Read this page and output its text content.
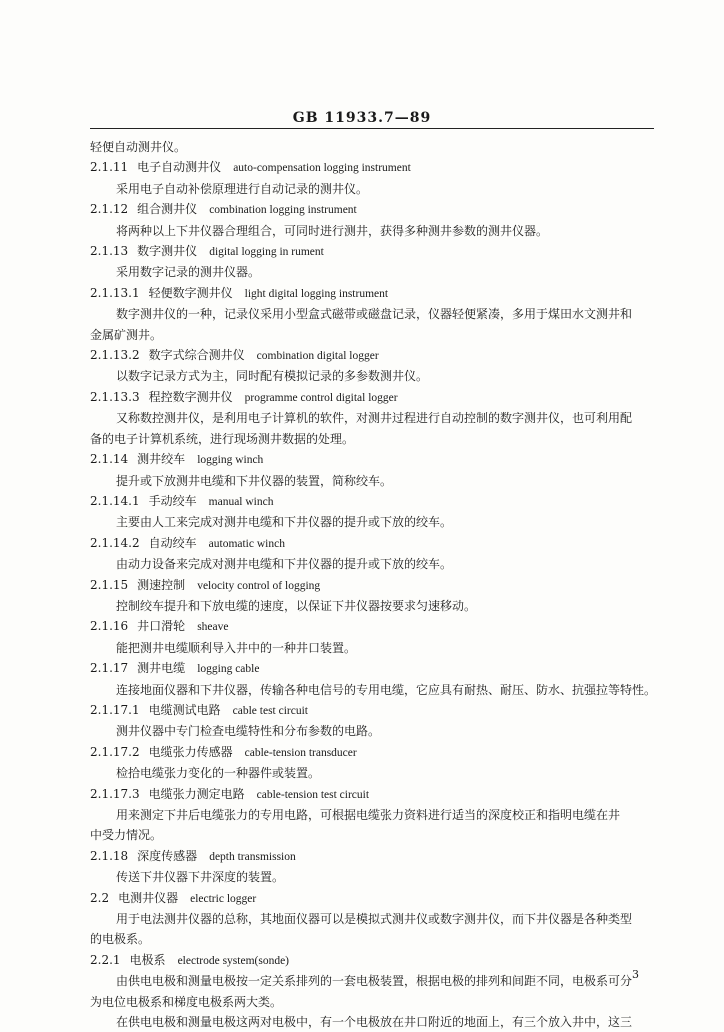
GB 11933.7—89
轻便自动测井仪。
2.1.11 电子自动测井仪 auto-compensation logging instrument
采用电子自动补偿原理进行自动记录的测井仪。
2.1.12 组合测井仪 combination logging instrument
将两种以上下井仪器合理组合，可同时进行测井，获得多种测井参数的测井仪器。
2.1.13 数字测井仪 digital logging in rument
采用数字记录的测井仪器。
2.1.13.1 轻便数字测井仪 light digital logging instrument
数字测井仪的一种，记录仪采用小型盒式磁带或磁盘记录，仪器轻便紧凑，多用于煤田水文测井和
金属矿测井。
2.1.13.2 数字式综合测井仪 combination digital logger
以数字记录方式为主，同时配有模拟记录的多参数测井仪。
2.1.13.3 程控数字测井仪 programme control digital logger
又称数控测井仪，是利用电子计算机的软件，对测井过程进行自动控制的数字测井仪，也可利用配
备的电子计算机系统，进行现场测井数据的处理。
2.1.14 测井绞车 logging winch
提升或下放测井电缆和下井仪器的装置，简称绞车。
2.1.14.1 手动绞车 manual winch
主要由人工来完成对测井电缆和下井仪器的提升或下放的绞车。
2.1.14.2 自动绞车 automatic winch
由动力设备来完成对测井电缆和下井仪器的提升或下放的绞车。
2.1.15 测速控制 velocity control of logging
控制绞车提升和下放电缆的速度，以保证下井仪器按要求匀速移动。
2.1.16 井口滑轮 sheave
能把测井电缆顺利导入井中的一种井口装置。
2.1.17 测井电缆 logging cable
连接地面仪器和下井仪器，传输各种电信号的专用电缆，它应具有耐热、耐压、防水、抗强拉等特性。
2.1.17.1 电缆测试电路 cable test circuit
测井仪器中专门检查电缆特性和分布参数的电路。
2.1.17.2 电缆张力传感器 cable-tension transducer
检拾电缆张力变化的一种器件或装置。
2.1.17.3 电缆张力测定电路 cable-tension test circuit
用来测定下井后电缆张力的专用电路，可根据电缆张力资料进行适当的深度校正和指明电缆在井
中受力情况。
2.1.18 深度传感器 depth transmission
传送下井仪器下井深度的装置。
2.2 电测井仪器 electric logger
用于电法测井仪器的总称，其地面仪器可以是模拟式测井仪或数字测井仪，而下井仪器是各种类型
的电极系。
2.2.1 电极系 electrode system(sonde)
由供电电极和测量电极按一定关系排列的一套电极装置，根据电极的排列和间距不同，电极系可分
为电位电极系和梯度电极系两大类。
在供电电极和测量电极这两对电极中，有一个电极放在井口附近的地面上，有三个放入井中，这三
3
